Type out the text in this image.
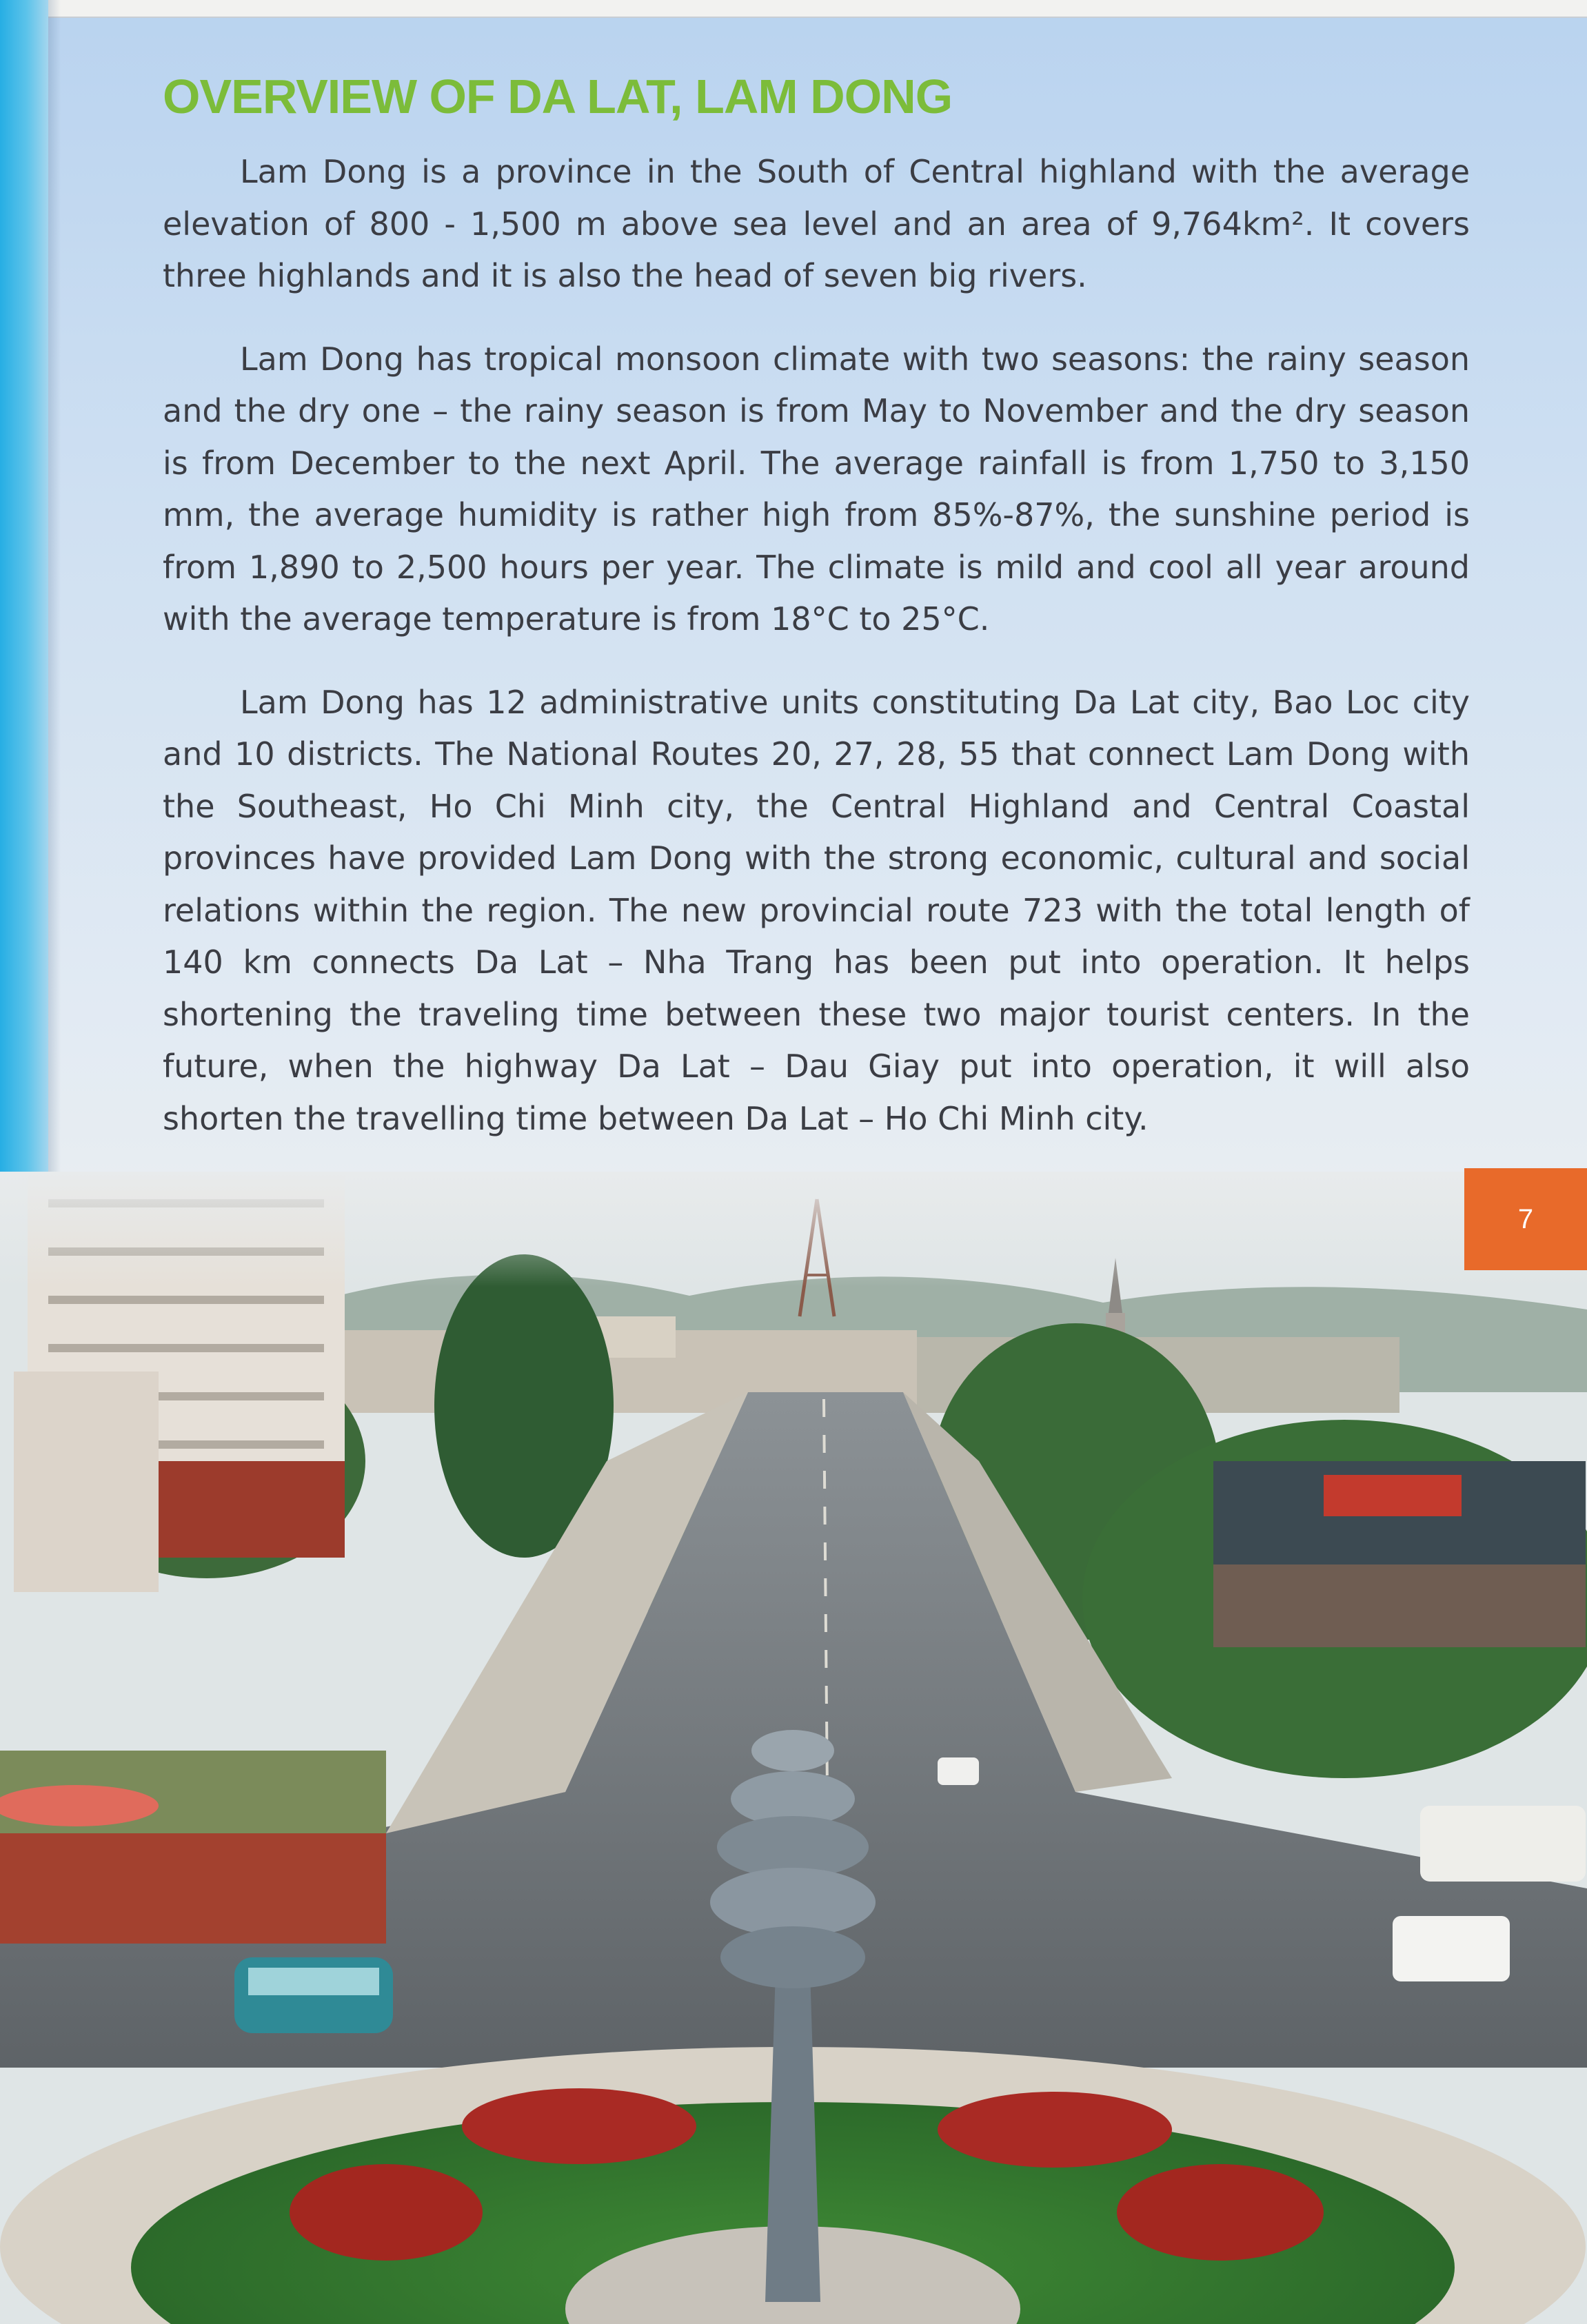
OVERVIEW OF DA LAT, LAM DONG

Lam Dong is a province in the South of Central highland with the average elevation of 800 - 1,500 m above sea level and an area of 9,764km². It covers three highlands and it is also the head of seven big rivers.

Lam Dong has tropical monsoon climate with two seasons: the rainy season and the dry one – the rainy season is from May to November and the dry season is from December to the next April. The average rainfall is from 1,750 to 3,150 mm, the average humidity is rather high from 85%-87%, the sunshine period is from 1,890 to 2,500 hours per year. The climate is mild and cool all year around with the average temperature is from 18°C to 25°C.

Lam Dong has 12 administrative units constituting Da Lat city, Bao Loc city and 10 districts. The National Routes 20, 27, 28, 55 that connect Lam Dong with the Southeast, Ho Chi Minh city, the Central Highland and Central Coastal provinces have provided Lam Dong with the strong economic, cultural and social relations within the region. The new provincial route 723 with the total length of 140 km connects Da Lat – Nha Trang has been put into operation. It helps shortening the traveling time between these two major tourist centers. In the future, when the highway Da Lat – Dau Giay put into operation, it will also shorten the travelling time between Da Lat – Ho Chi Minh city.

7
